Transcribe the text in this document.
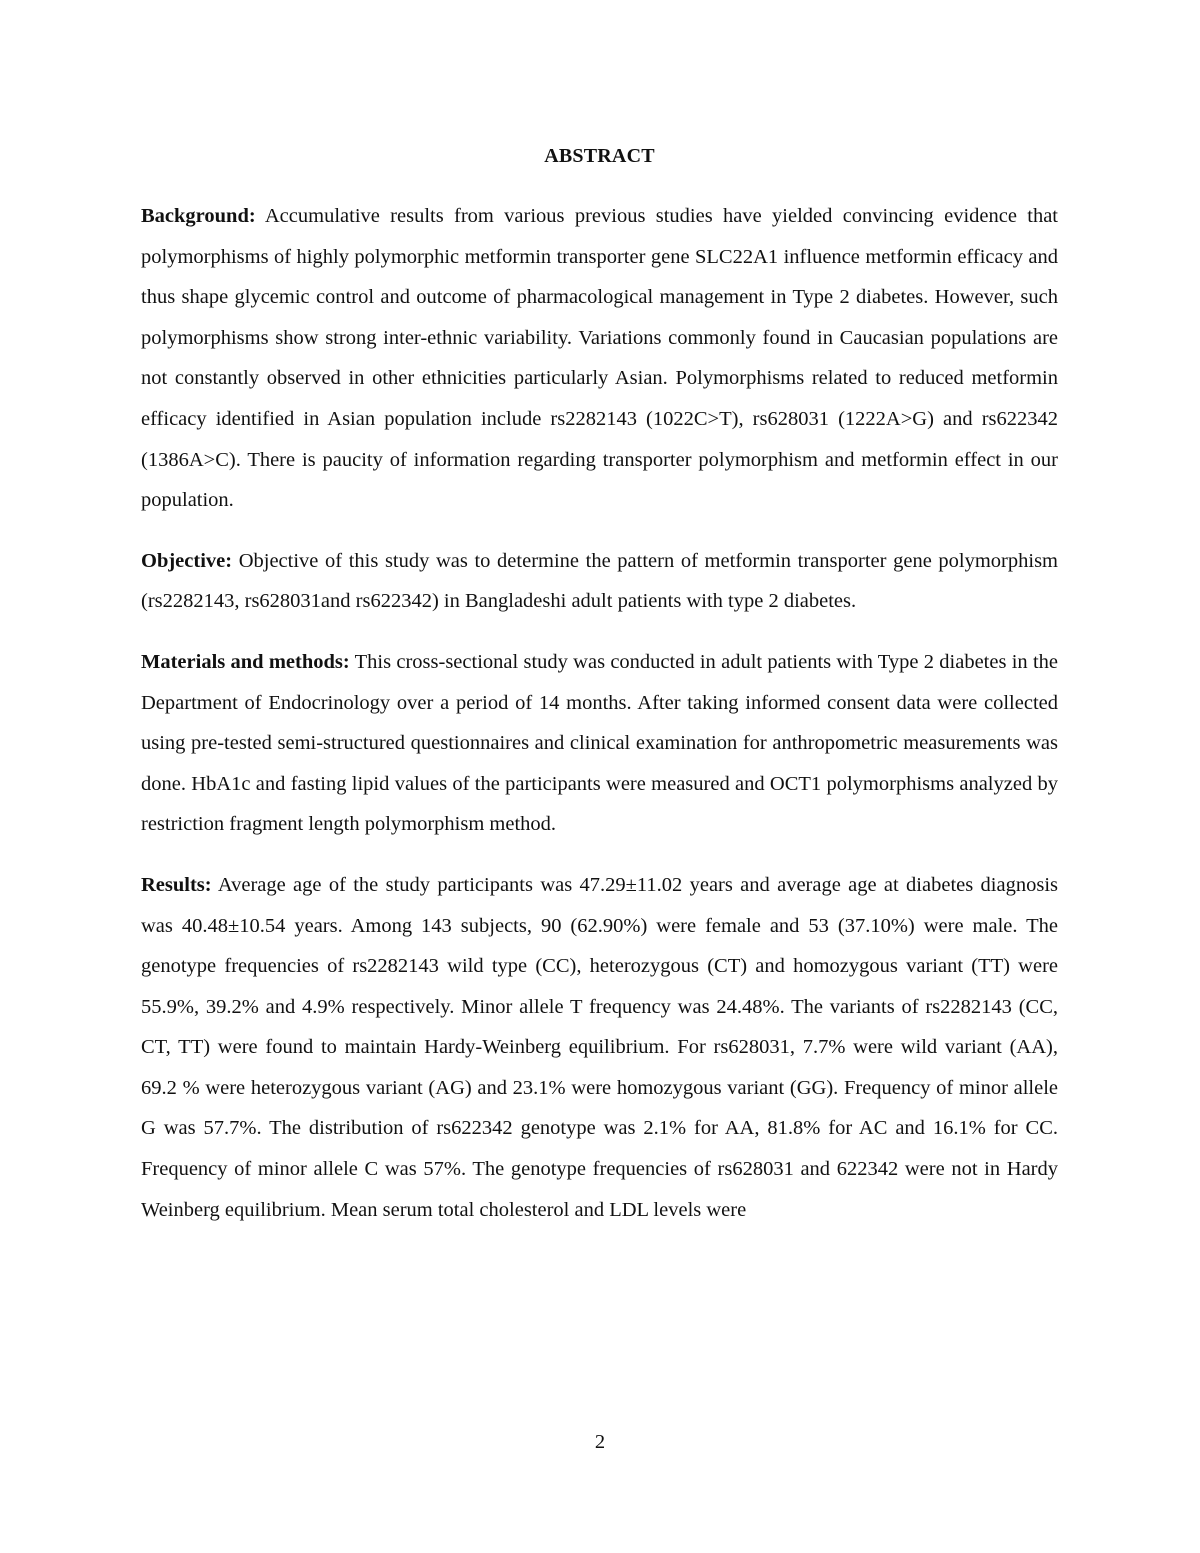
ABSTRACT

Background: Accumulative results from various previous studies have yielded convincing evidence that polymorphisms of highly polymorphic metformin transporter gene SLC22A1 influence metformin efficacy and thus shape glycemic control and outcome of pharmacological management in Type 2 diabetes. However, such polymorphisms show strong inter-ethnic variability. Variations commonly found in Caucasian populations are not constantly observed in other ethnicities particularly Asian. Polymorphisms related to reduced metformin efficacy identified in Asian population include rs2282143 (1022C>T), rs628031 (1222A>G) and rs622342 (1386A>C). There is paucity of information regarding transporter polymorphism and metformin effect in our population.

Objective: Objective of this study was to determine the pattern of metformin transporter gene polymorphism (rs2282143, rs628031and rs622342) in Bangladeshi adult patients with type 2 diabetes.

Materials and methods: This cross-sectional study was conducted in adult patients with Type 2 diabetes in the Department of Endocrinology over a period of 14 months. After taking informed consent data were collected using pre-tested semi-structured questionnaires and clinical examination for anthropometric measurements was done. HbA1c and fasting lipid values of the participants were measured and OCT1 polymorphisms analyzed by restriction fragment length polymorphism method.

Results: Average age of the study participants was 47.29±11.02 years and average age at diabetes diagnosis was 40.48±10.54 years. Among 143 subjects, 90 (62.90%) were female and 53 (37.10%) were male. The genotype frequencies of rs2282143 wild type (CC), heterozygous (CT) and homozygous variant (TT) were 55.9%, 39.2% and 4.9% respectively. Minor allele T frequency was 24.48%. The variants of rs2282143 (CC, CT, TT) were found to maintain Hardy-Weinberg equilibrium. For rs628031, 7.7% were wild variant (AA), 69.2 % were heterozygous variant (AG) and 23.1% were homozygous variant (GG). Frequency of minor allele G was 57.7%. The distribution of rs622342 genotype was 2.1% for AA, 81.8% for AC and 16.1% for CC. Frequency of minor allele C was 57%. The genotype frequencies of rs628031 and 622342 were not in Hardy Weinberg equilibrium. Mean serum total cholesterol and LDL levels were

2
